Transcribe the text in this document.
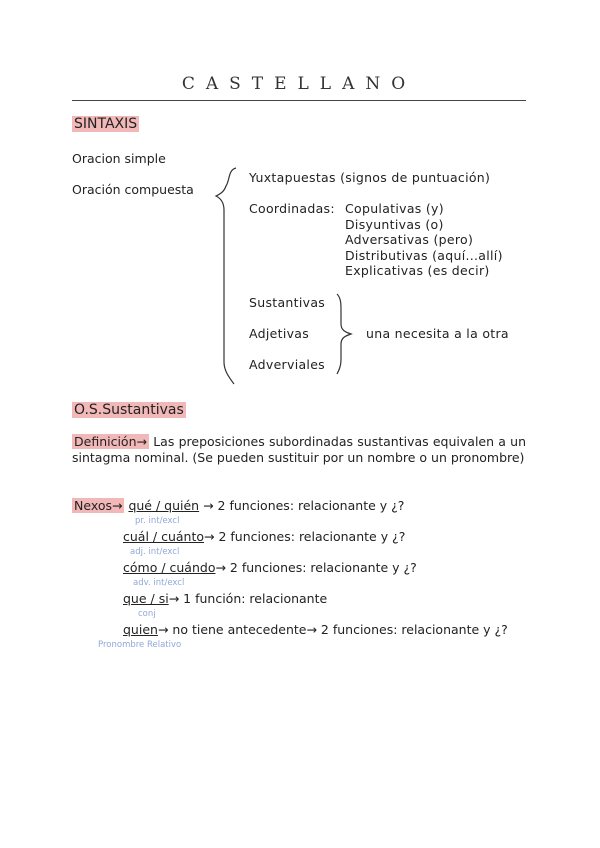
CASTELLANO
SINTAXIS
Oracion simple
Oración compuesta
Yuxtapuestas (signos de puntuación)
Coordinadas: Copulativas (y)
Disyuntivas (o)
Adversativas (pero)
Distributivas (aquí...allí)
Explicativas (es decir)
Sustantivas
Adjetivas
Adverviales
una necesita a la otra
O.S.Sustantivas
Definición→ Las preposiciones subordinadas sustantivas equivalen a un sintagma nominal. (Se pueden sustituir por un nombre o un pronombre)
Nexos→ qué / quién → 2 funciones: relacionante y ¿?
pr. int/excl
cuál / cuánto→ 2 funciones: relacionante y ¿?
adj. int/excl
cómo / cuándo→ 2 funciones: relacionante y ¿?
adv. int/excl
que / si→ 1 función: relacionante
conj
quien→ no tiene antecedente→ 2 funciones: relacionante y ¿?
Pronombre Relativo
